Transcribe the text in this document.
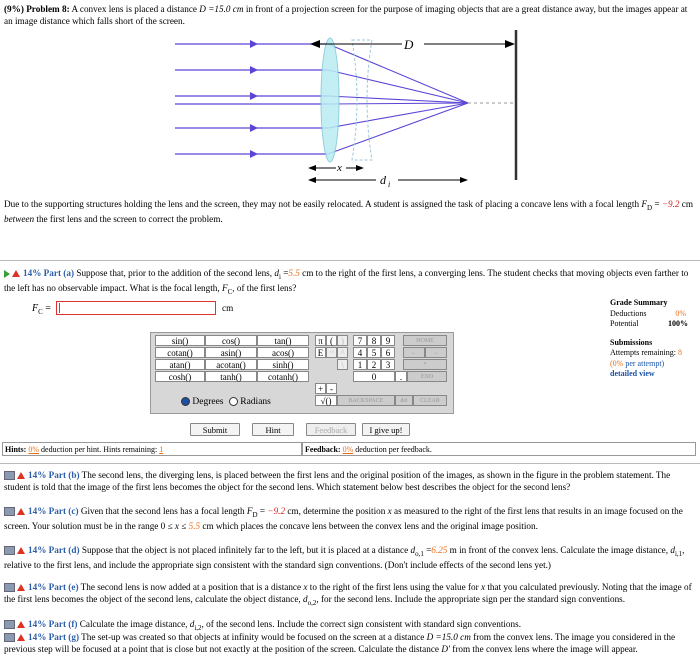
(9%) Problem 8: A convex lens is placed a distance D =15.0 cm in front of a projection screen for the purpose of imaging objects that are a great distance away, but the images appear at an image distance which falls short of the screen.
D
x
d i
Due to the supporting structures holding the lens and the screen, they may not be easily relocated. A student is assigned the task of placing a concave lens with a focal length $F_D = -9.2$ cm between the first lens and the screen to correct the problem.
14% Part (a) Suppose that, prior to the addition of the second lens, $d_i =5.5$ cm to the right of the first lens, a converging lens. The student checks that moving objects even farther to the left has no observable impact. What is the focal length, $F_C$, of the first lens?
$F_C$ =	cm
Grade Summary
Deductions	0%
Potential	100%
Submissions
Attempts remaining: 8
(0% per attempt)
detailed view
sin()	cos()	tan()
cotan()	asin()	acos()
atan()	acotan()	sinh()
cosh()	tanh()	cotanh()
π ( )
E ↑^ ^
\
+ -
√()
7	8	9
4	5	6
1	2	3
0	.
HOME
←	→
*
END
BACKSPACE	del	CLEAR
Degrees Radians
Submit	Hint	Feedback	I give up!
Hints: 0% deduction per hint. Hints remaining: 1	Feedback: 0% deduction per feedback.
14% Part (b) The second lens, the diverging lens, is placed between the first lens and the original position of the images, as shown in the figure in the problem statement. The student is told that the image of the first lens becomes the object for the second lens. Which statement below best describes the object for the second lens?
14% Part (c) Given that the second lens has a focal length $F_D = -9.2$ cm, determine the position x as measured to the right of the first lens that results in an image focused on the screen. Your solution must be in the range 0 ≤ x ≤ 5.5 cm which places the concave lens between the convex lens and the original image position.
14% Part (d) Suppose that the object is not placed infinitely far to the left, but it is placed at a distance $d_{o,1} =6.25$ m in front of the convex lens. Calculate the image distance, $d_{i,1}$, relative to the first lens, and include the appropriate sign consistent with the standard sign conventions. (Don't include effects of the second lens yet.)
14% Part (e) The second lens is now added at a position that is a distance x to the right of the first lens using the value for x that you calculated previously. Noting that the image of the first lens becomes the object of the second lens, calculate the object distance, $d_{o,2}$, for the second lens. Include the appropriate sign per the standard sign conventions.
14% Part (f) Calculate the image distance, $d_{i,2}$, of the second lens. Include the correct sign consistent with standard sign conventions.
14% Part (g) The set-up was created so that objects at infinity would be focused on the screen at a distance D =15.0 cm from the convex lens. The image you considered in the previous step will be focused at a point that is close but not exactly at the position of the screen. Calculate the distance D′ from the convex lens where the image will appear.
